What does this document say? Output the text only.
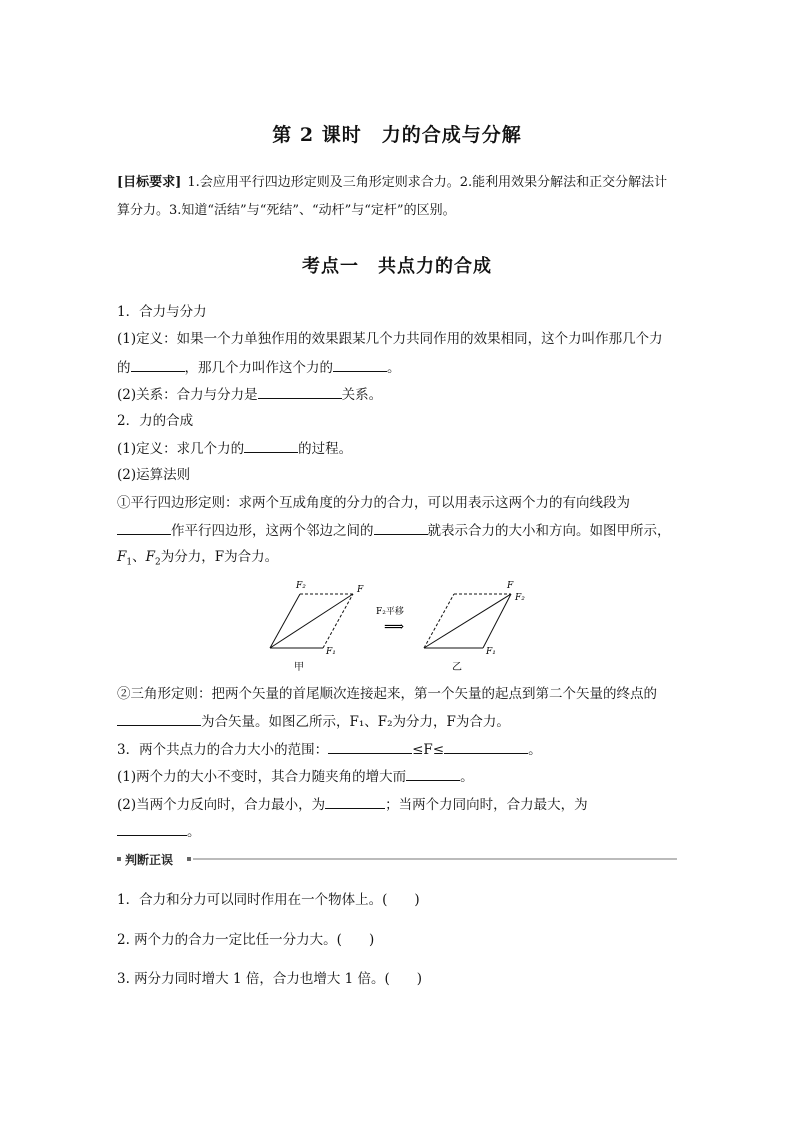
第 2 课时　力的合成与分解
[目标要求] 1.会应用平行四边形定则及三角形定则求合力。2.能利用效果分解法和正交分解法计算分力。3.知道“活结”与“死结”、“动杆”与“定杆”的区别。
考点一　共点力的合成
1．合力与分力
(1)定义：如果一个力单独作用的效果跟某几个力共同作用的效果相同，这个力叫作那几个力
的	，那几个力叫作这个力的	。
(2)关系：合力与分力是	关系。
2．力的合成
(1)定义：求几个力的	的过程。
(2)运算法则
①平行四边形定则：求两个互成角度的分力的合力，可以用表示这两个力的有向线段为
作平行四边形，这两个邻边之间的	就表示合力的大小和方向。如图甲所示，
$F_1$、$F_2$为分力，F为合力。
F₂	F
F₁
甲
F₂平移
⟹
F
F₂
F₁
乙
②三角形定则：把两个矢量的首尾顺次连接起来，第一个矢量的起点到第二个矢量的终点的
为合矢量。如图乙所示，F₁、F₂为分力，F为合力。
3．两个共点力的合力大小的范围：	≤F≤	。
(1)两个力的大小不变时，其合力随夹角的增大而	。
(2)当两个力反向时，合力最小，为	；当两个力同向时，合力最大，为
。
判断正误
1．合力和分力可以同时作用在一个物体上。(　　)
2. 两个力的合力一定比任一分力大。(　　)
3. 两分力同时增大 1 倍，合力也增大 1 倍。(　　)
